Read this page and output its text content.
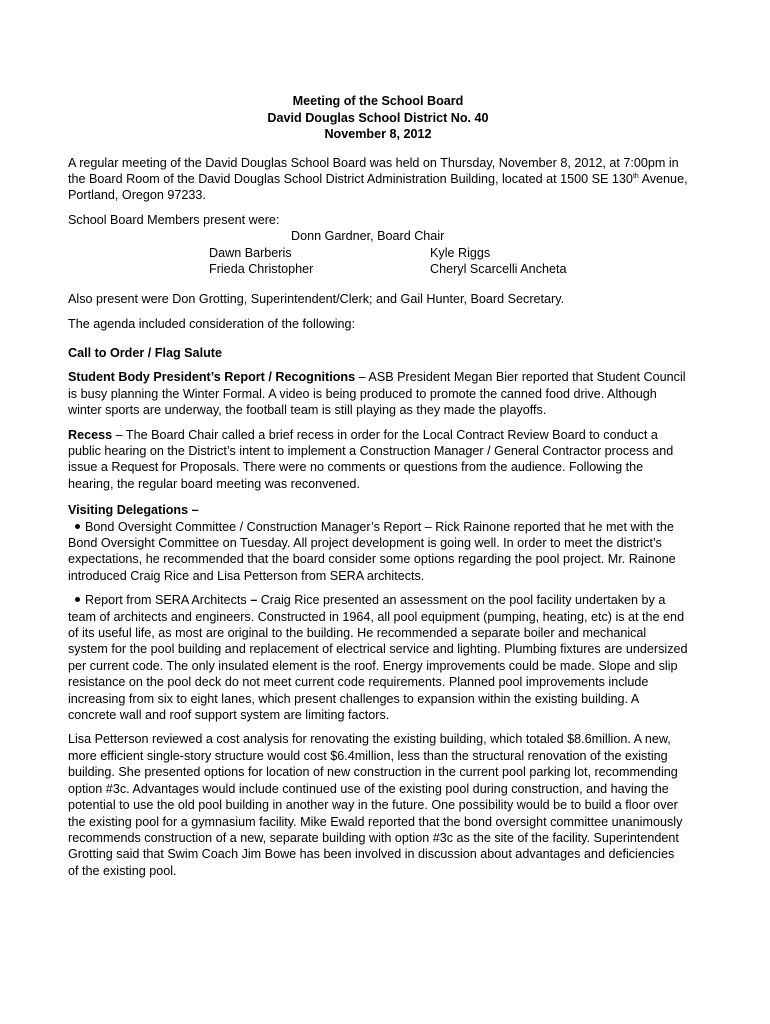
Meeting of the School Board
David Douglas School District No. 40
November 8, 2012

A regular meeting of the David Douglas School Board was held on Thursday, November 8, 2012, at 7:00pm in the Board Room of the David Douglas School District Administration Building, located at 1500 SE 130th Avenue, Portland, Oregon 97233.

School Board Members present were:

Donn Gardner, Board Chair
Dawn Barberis	Kyle Riggs
Frieda Christopher	Cheryl Scarcelli Ancheta

Also present were Don Grotting, Superintendent/Clerk; and Gail Hunter, Board Secretary.

The agenda included consideration of the following:

Call to Order / Flag Salute

Student Body President’s Report / Recognitions – ASB President Megan Bier reported that Student Council is busy planning the Winter Formal. A video is being produced to promote the canned food drive. Although winter sports are underway, the football team is still playing as they made the playoffs.

Recess – The Board Chair called a brief recess in order for the Local Contract Review Board to conduct a public hearing on the District’s intent to implement a Construction Manager / General Contractor process and issue a Request for Proposals. There were no comments or questions from the audience. Following the hearing, the regular board meeting was reconvened.

Visiting Delegations –

Bond Oversight Committee / Construction Manager’s Report – Rick Rainone reported that he met with the Bond Oversight Committee on Tuesday. All project development is going well. In order to meet the district’s expectations, he recommended that the board consider some options regarding the pool project. Mr. Rainone introduced Craig Rice and Lisa Petterson from SERA architects.

Report from SERA Architects – Craig Rice presented an assessment on the pool facility undertaken by a team of architects and engineers. Constructed in 1964, all pool equipment (pumping, heating, etc) is at the end of its useful life, as most are original to the building. He recommended a separate boiler and mechanical system for the pool building and replacement of electrical service and lighting. Plumbing fixtures are undersized per current code. The only insulated element is the roof. Energy improvements could be made. Slope and slip resistance on the pool deck do not meet current code requirements. Planned pool improvements include increasing from six to eight lanes, which present challenges to expansion within the existing building. A concrete wall and roof support system are limiting factors.

Lisa Petterson reviewed a cost analysis for renovating the existing building, which totaled $8.6million. A new, more efficient single-story structure would cost $6.4million, less than the structural renovation of the existing building. She presented options for location of new construction in the current pool parking lot, recommending option #3c. Advantages would include continued use of the existing pool during construction, and having the potential to use the old pool building in another way in the future. One possibility would be to build a floor over the existing pool for a gymnasium facility. Mike Ewald reported that the bond oversight committee unanimously recommends construction of a new, separate building with option #3c as the site of the facility. Superintendent Grotting said that Swim Coach Jim Bowe has been involved in discussion about advantages and deficiencies of the existing pool.
